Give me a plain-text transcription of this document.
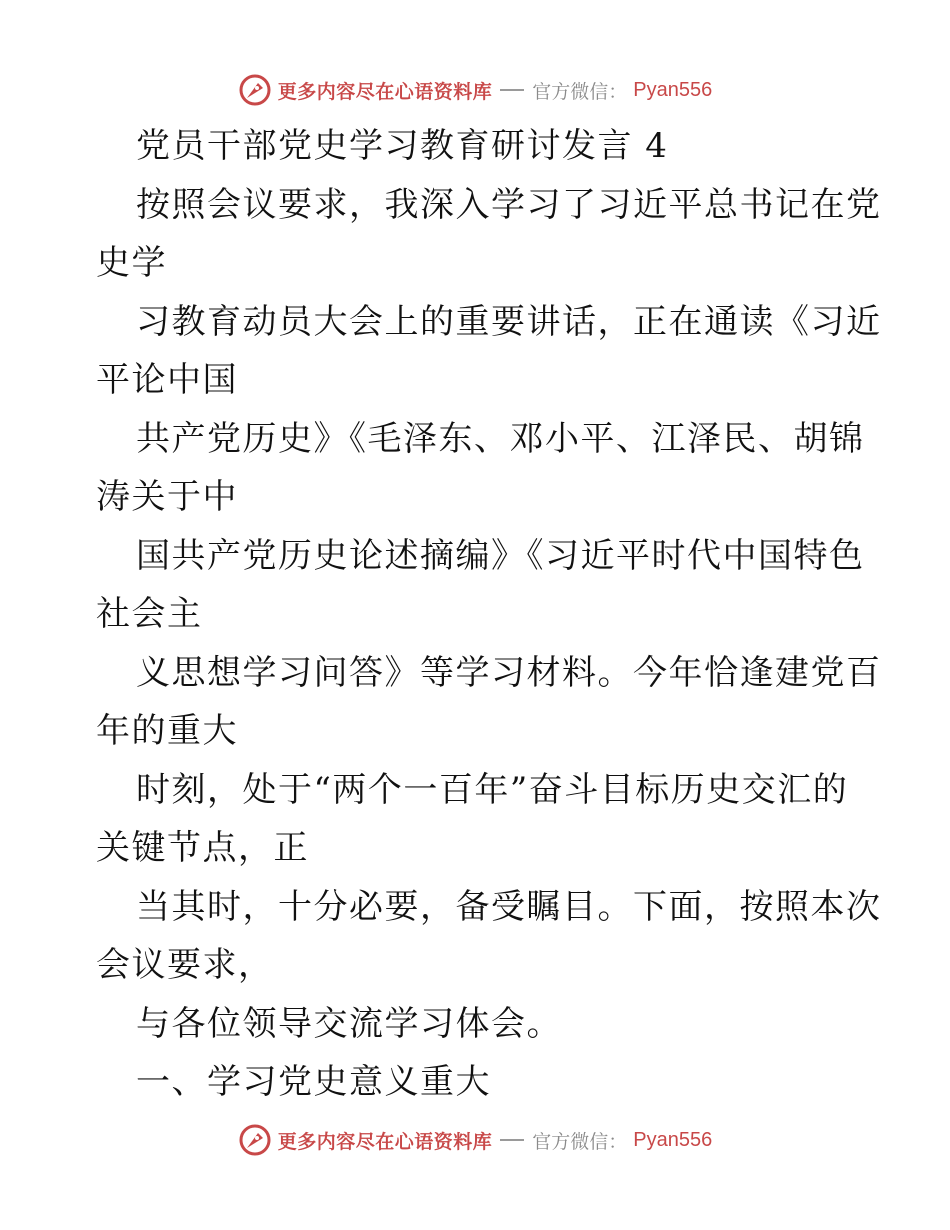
更多内容尽在心语资料库 官方微信： Pyan556
党员干部党史学习教育研讨发言 4
按照会议要求，我深入学习了习近平总书记在党
史学
习教育动员大会上的重要讲话，正在通读《习近
平论中国
共产党历史》《毛泽东、邓小平、江泽民、胡锦
涛关于中
国共产党历史论述摘编》《习近平时代中国特色
社会主
义思想学习问答》等学习材料。今年恰逢建党百
年的重大
时刻，处于“两个一百年”奋斗目标历史交汇的
关键节点，正
当其时，十分必要，备受瞩目。下面，按照本次
会议要求，
与各位领导交流学习体会。
一、学习党史意义重大
更多内容尽在心语资料库 官方微信： Pyan556
